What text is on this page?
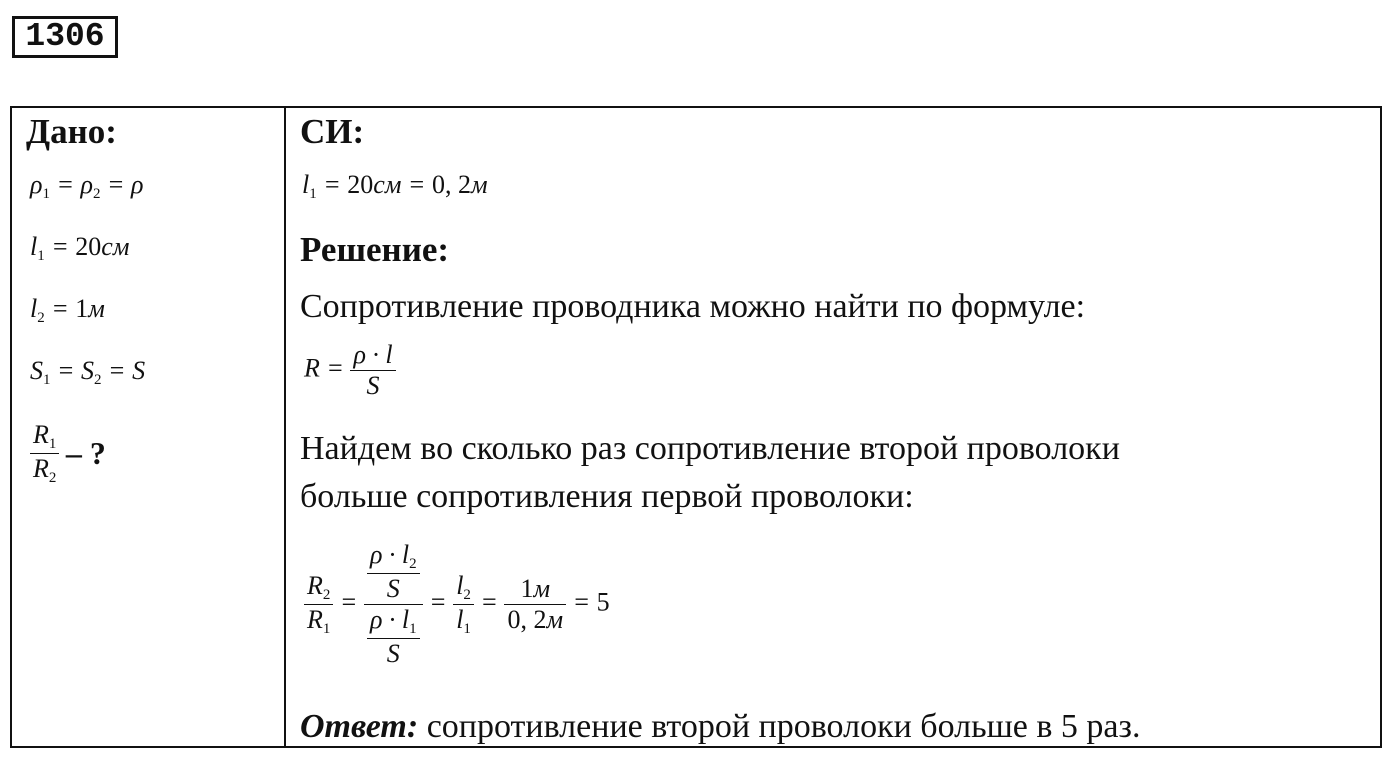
1306
Дано:
$\rho_1 = \rho_2 = \rho$
$l_1 = 20см$
$l_2 = 1м$
$S_1 = S_2 = S$
$\frac{R_1}{R_2}$ – ?
СИ:
$l_1 = 20см = 0$, 2м
Решение:
Сопротивление проводника можно найти по формуле:
$R = \frac{\rho \cdot l}{S}$
Найдем во сколько раз сопротивление второй проволоки
больше сопротивления первой проволоки:
$\frac{R_2}{R_1} = \frac{\frac{\rho \cdot l_2}{S}}{\frac{\rho \cdot l_1}{S}} = \frac{l_2}{l_1} = 1м$
0, 2м
= 5
Ответ: сопротивление второй проволоки больше в 5 раз.
